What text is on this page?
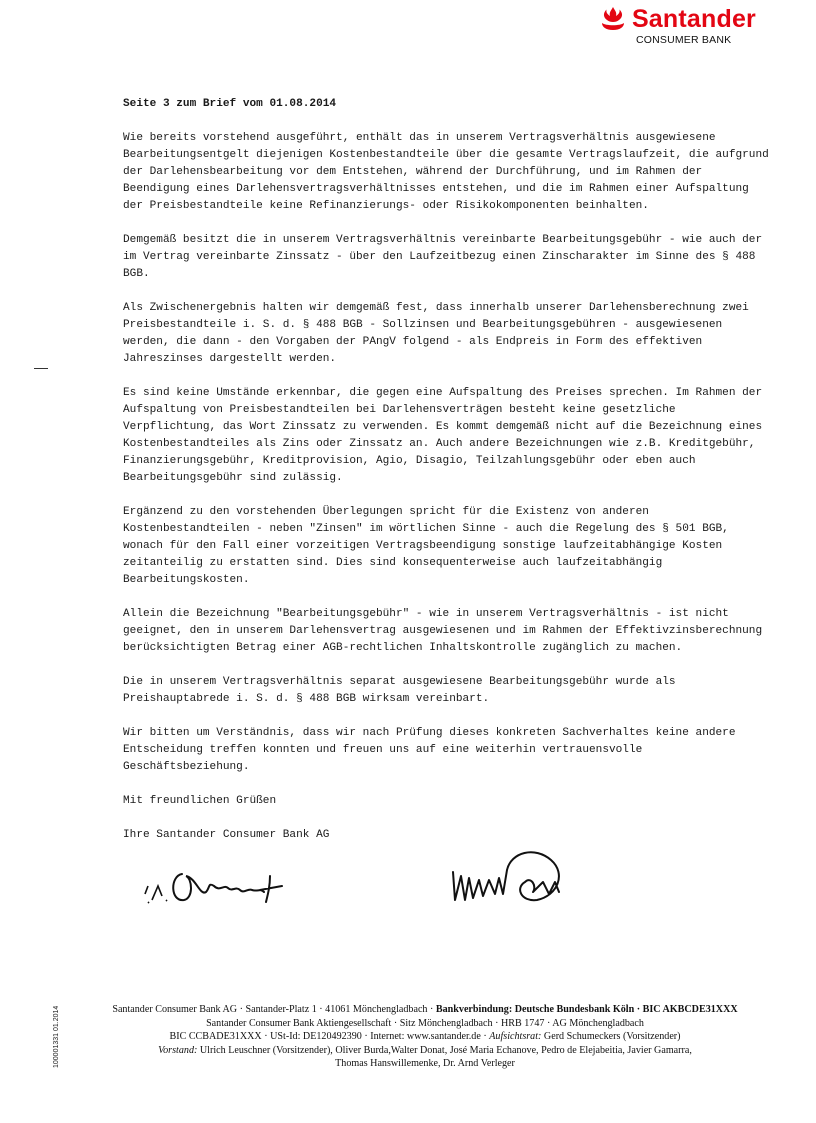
Santander
CONSUMER BANK

Seite 3 zum Brief vom 01.08.2014

Wie bereits vorstehend ausgeführt, enthält das in unserem Vertragsverhältnis ausgewiesene Bearbeitungsentgelt diejenigen Kostenbestandteile über die gesamte Vertragslaufzeit, die aufgrund der Darlehensbearbeitung vor dem Entstehen, während der Durchführung, und im Rahmen der Beendigung eines Darlehensvertragsverhältnisses entstehen, und die im Rahmen einer Aufspaltung der Preisbestandteile keine Refinanzierungs- oder Risikokomponenten beinhalten.

Demgemäß besitzt die in unserem Vertragsverhältnis vereinbarte Bearbeitungsgebühr - wie auch der im Vertrag vereinbarte Zinssatz - über den Laufzeitbezug einen Zinscharakter im Sinne des § 488 BGB.

Als Zwischenergebnis halten wir demgemäß fest, dass innerhalb unserer Darlehensberechnung zwei Preisbestandteile i. S. d. § 488 BGB - Sollzinsen und Bearbeitungsgebühren - ausgewiesenen werden, die dann - den Vorgaben der PAngV folgend - als Endpreis in Form des effektiven Jahreszinses dargestellt werden.

Es sind keine Umstände erkennbar, die gegen eine Aufspaltung des Preises sprechen. Im Rahmen der Aufspaltung von Preisbestandteilen bei Darlehensverträgen besteht keine gesetzliche Verpflichtung, das Wort Zinssatz zu verwenden. Es kommt demgemäß nicht auf die Bezeichnung eines Kostenbestandteiles als Zins oder Zinssatz an. Auch andere Bezeichnungen wie z.B. Kreditgebühr, Finanzierungsgebühr, Kreditprovision, Agio, Disagio, Teilzahlungsgebühr oder eben auch Bearbeitungsgebühr sind zulässig.

Ergänzend zu den vorstehenden Überlegungen spricht für die Existenz von anderen Kostenbestandteilen - neben "Zinsen" im wörtlichen Sinne - auch die Regelung des § 501 BGB, wonach für den Fall einer vorzeitigen Vertragsbeendigung sonstige laufzeitabhängige Kosten zeitanteilig zu erstatten sind. Dies sind konsequenterweise auch laufzeitabhängig Bearbeitungskosten.

Allein die Bezeichnung "Bearbeitungsgebühr" - wie in unserem Vertragsverhältnis - ist nicht geeignet, den in unserem Darlehensvertrag ausgewiesenen und im Rahmen der Effektivzinsberechnung berücksichtigten Betrag einer AGB-rechtlichen Inhaltskontrolle zugänglich zu machen.

Die in unserem Vertragsverhältnis separat ausgewiesene Bearbeitungsgebühr wurde als Preishauptabrede i. S. d. § 488 BGB wirksam vereinbart.

Wir bitten um Verständnis, dass wir nach Prüfung dieses konkreten Sachverhaltes keine andere Entscheidung treffen konnten und freuen uns auf eine weiterhin vertrauensvolle Geschäftsbeziehung.

Mit freundlichen Grüßen

Ihre Santander Consumer Bank AG

100001331 01.2014	Santander Consumer Bank AG · Santander-Platz 1 · 41061 Mönchengladbach · Bankverbindung: Deutsche Bundesbank Köln · BIC AKBCDE31XXX
Santander Consumer Bank Aktiengesellschaft · Sitz Mönchengladbach · HRB 1747 · AG Mönchengladbach
BIC CCBADE31XXX · USt-Id: DE120492390 · Internet: www.santander.de · Aufsichtsrat: Gerd Schumeckers (Vorsitzender)
Vorstand: Ulrich Leuschner (Vorsitzender), Oliver Burda,Walter Donat, José Maria Echanove, Pedro de Elejabeitia, Javier Gamarra,
Thomas Hanswillemenke, Dr. Arnd Verleger
